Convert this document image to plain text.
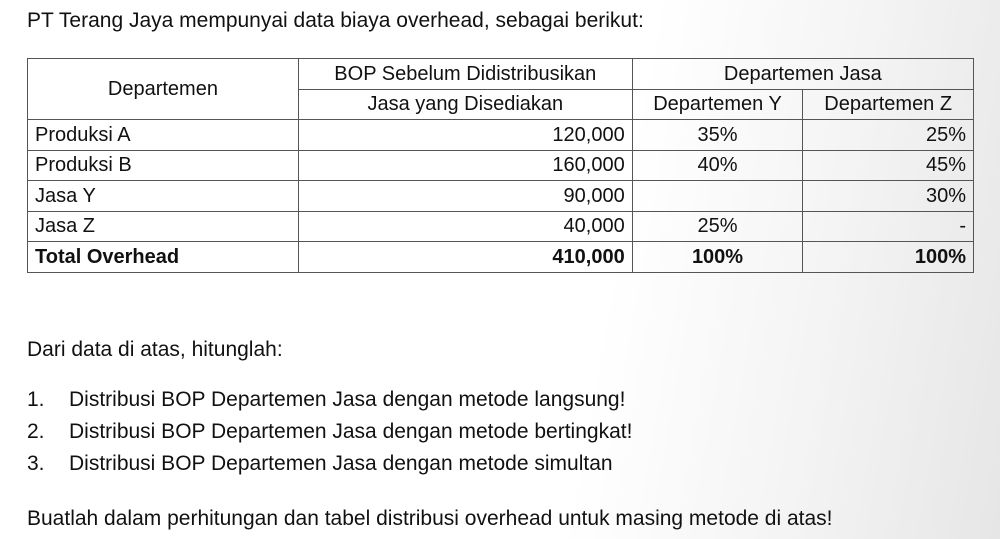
PT Terang Jaya mempunyai data biaya overhead, sebagai berikut:
Departemen	BOP Sebelum Didistribusikan	Departemen Jasa	
	Jasa yang Disediakan	Departemen Y	Departemen Z
Produksi A	120,000	35%	25%
Produksi B	160,000	40%	45%
Jasa Y	90,000		30%
Jasa Z	40,000	25%	-
Total Overhead	410,000	100%	100%
Dari data di atas, hitunglah:
1.	Distribusi BOP Departemen Jasa dengan metode langsung!
2.	Distribusi BOP Departemen Jasa dengan metode bertingkat!
3.	Distribusi BOP Departemen Jasa dengan metode simultan
Buatlah dalam perhitungan dan tabel distribusi overhead untuk masing metode di atas!
